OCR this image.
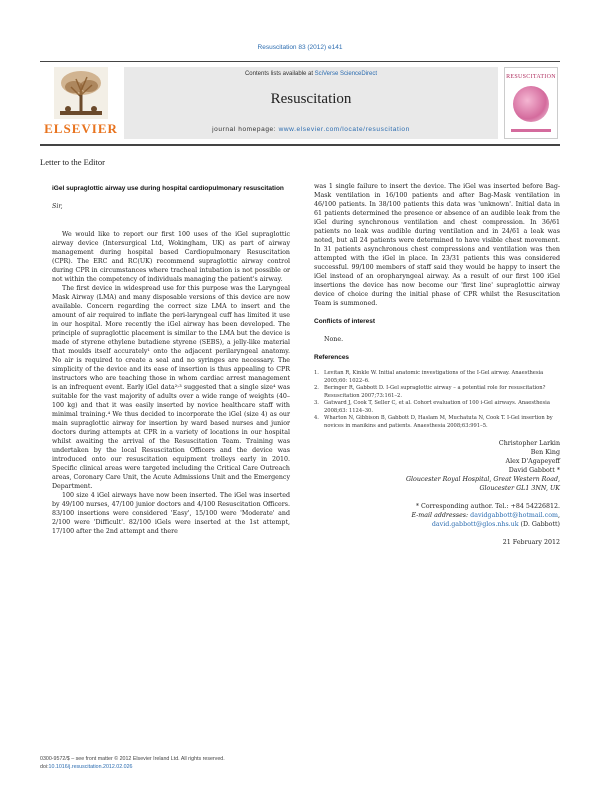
Resuscitation 83 (2012) e141
ELSEVIER
Contents lists available at SciVerse ScienceDirect
Resuscitation
journal homepage: www.elsevier.com/locate/resuscitation
RESUSCITATION
Letter to the Editor
iGel supraglottic airway use during hospital cardiopulmonary resuscitation
Sir,

We would like to report our first 100 uses of the iGel supraglottic airway device (Intersurgical Ltd, Wokingham, UK) as part of airway management during hospital based Cardiopulmonary Resuscitation (CPR). The ERC and RC(UK) recommend supraglottic airway control during CPR in circumstances where tracheal intubation is not possible or not within the competency of individuals managing the patient's airway.

The first device in widespread use for this purpose was the Laryngeal Mask Airway (LMA) and many disposable versions of this device are now available. Concern regarding the correct size LMA to insert and the amount of air required to inflate the peri-laryngeal cuff has limited it use in our hospital. More recently the iGel airway has been developed. The principle of supraglottic placement is similar to the LMA but the device is made of styrene ethylene butadiene styrene (SEBS), a jelly-like material that moulds itself accurately¹ onto the adjacent perilaryngeal anatomy. No air is required to create a seal and no syringes are necessary. The simplicity of the device and its ease of insertion is thus appealing to CPR instructors who are teaching those in whom cardiac arrest management is an infrequent event. Early iGel data²˒³ suggested that a single size⁴ was suitable for the vast majority of adults over a wide range of weights (40–100 kg) and that it was easily inserted by novice healthcare staff with minimal training.⁴ We thus decided to incorporate the iGel (size 4) as our main supraglottic airway for insertion by ward based nurses and junior doctors during attempts at CPR in a variety of locations in our hospital whilst awaiting the arrival of the Resuscitation Team. Training was undertaken by the local Resuscitation Officers and the device was introduced onto our resuscitation equipment trolleys early in 2010. Specific clinical areas were targeted including the Critical Care Outreach areas, Coronary Care Unit, the Acute Admissions Unit and the Emergency Department.

100 size 4 iGel airways have now been inserted. The iGel was inserted by 49/100 nurses, 47/100 junior doctors and 4/100 Resuscitation Officers. 83/100 insertions were considered 'Easy', 15/100 were 'Moderate' and 2/100 were 'Difficult'. 82/100 iGels were inserted at the 1st attempt, 17/100 after the 2nd attempt and there

was 1 single failure to insert the device. The iGel was inserted before Bag-Mask ventilation in 16/100 patients and after Bag-Mask ventilation in 46/100 patients. In 38/100 patients this data was 'unknown'. Initial data in 61 patients determined the presence or absence of an audible leak from the iGel during synchronous ventilation and chest compression. In 36/61 patients no leak was audible during ventilation and in 24/61 a leak was noted, but all 24 patients were determined to have visible chest movement. In 31 patients asynchronous chest compressions and ventilation was then attempted with the iGel in place. In 23/31 patients this was considered successful. 99/100 members of staff said they would be happy to insert the iGel instead of an oropharyngeal airway. As a result of our first 100 iGel insertions the device has now become our 'first line' supraglottic airway device of choice during the initial phase of CPR whilst the Resuscitation Team is summoned.

Conflicts of interest
None.
References
1. Levitan R, Kinkle W. Initial anatomic investigations of the I-Gel airway. Anaesthesia 2005;60: 1022–6.
2. Beringer R, Gabbott D. I-Gel supraglottic airway – a potential role for resuscitation? Resuscitation 2007;73:161–2.
3. Gatward J, Cook T, Seller C, et al. Cohort evaluation of 100 i-Gel airways. Anaesthesia 2008;63: 1124–30.
4. Wharton N, Gibbison B, Gabbott D, Haslam M, Muchatuta N, Cook T. I-Gel insertion by novices in manikins and patients. Anaesthesia 2008;63:991–5.
Christopher Larkin
Ben King
Alex D'Agapeyeff
David Gabbott *
Gloucester Royal Hospital, Great Western Road,
Gloucester GL1 3NN, UK
* Corresponding author. Tel.: +84 54226812.
E-mail addresses: davidgabbott@hotmail.com,
david.gabbott@glos.nhs.uk (D. Gabbott)
21 February 2012
0300-9572/$ – see front matter © 2012 Elsevier Ireland Ltd. All rights reserved.
doi:10.1016/j.resuscitation.2012.02.026
